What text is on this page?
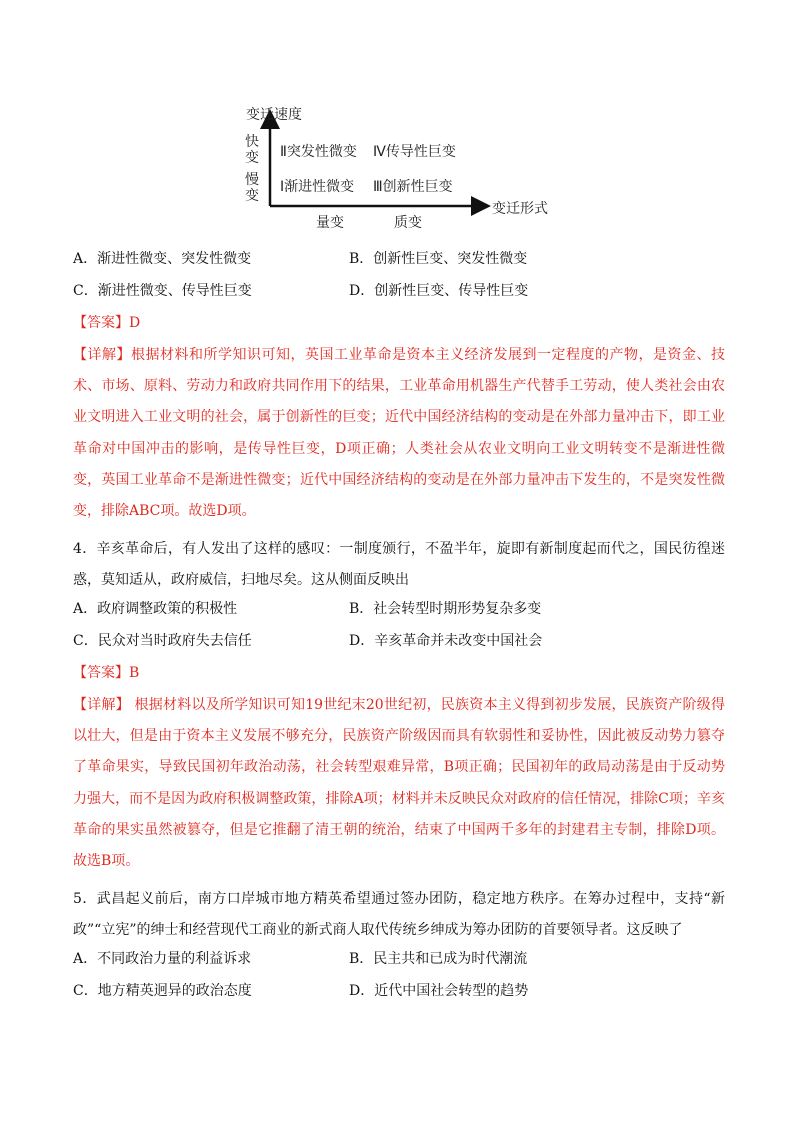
变迁速度
快变
慢变
Ⅱ突发性微变 Ⅳ传导性巨变
Ⅰ渐进性微变 Ⅲ创新性巨变
量变	质变
变迁形式
A．渐进性微变、突发性微变	B．创新性巨变、突发性微变
C．渐进性微变、传导性巨变	D．创新性巨变、传导性巨变
【答案】D
【详解】根据材料和所学知识可知，英国工业革命是资本主义经济发展到一定程度的产物，是资金、技术、市场、原料、劳动力和政府共同作用下的结果，工业革命用机器生产代替手工劳动，使人类社会由农业文明进入工业文明的社会，属于创新性的巨变；近代中国经济结构的变动是在外部力量冲击下，即工业革命对中国冲击的影响，是传导性巨变，D项正确；人类社会从农业文明向工业文明转变不是渐进性微变，英国工业革命不是渐进性微变；近代中国经济结构的变动是在外部力量冲击下发生的，不是突发性微变，排除ABC项。故选D项。
4．辛亥革命后，有人发出了这样的感叹：一制度颁行，不盈半年，旋即有新制度起而代之，国民彷徨迷惑，莫知适从，政府威信，扫地尽矣。这从侧面反映出
A．政府调整政策的积极性	B．社会转型时期形势复杂多变
C．民众对当时政府失去信任	D．辛亥革命并未改变中国社会
【答案】B
【详解】 根据材料以及所学知识可知19世纪末20世纪初，民族资本主义得到初步发展，民族资产阶级得以壮大，但是由于资本主义发展不够充分，民族资产阶级因而具有软弱性和妥协性，因此被反动势力篡夺了革命果实，导致民国初年政治动荡，社会转型艰难异常，B项正确；民国初年的政局动荡是由于反动势力强大，而不是因为政府积极调整政策，排除A项；材料并未反映民众对政府的信任情况，排除C项；辛亥革命的果实虽然被篡夺，但是它推翻了清王朝的统治，结束了中国两千多年的封建君主专制，排除D项。故选B项。
5．武昌起义前后，南方口岸城市地方精英希望通过签办团防，稳定地方秩序。在筹办过程中，支持“新政”“立宪”的绅士和经营现代工商业的新式商人取代传统乡绅成为筹办团防的首要领导者。这反映了
A．不同政治力量的利益诉求	B．民主共和已成为时代潮流
C．地方精英迥异的政治态度	D．近代中国社会转型的趋势
